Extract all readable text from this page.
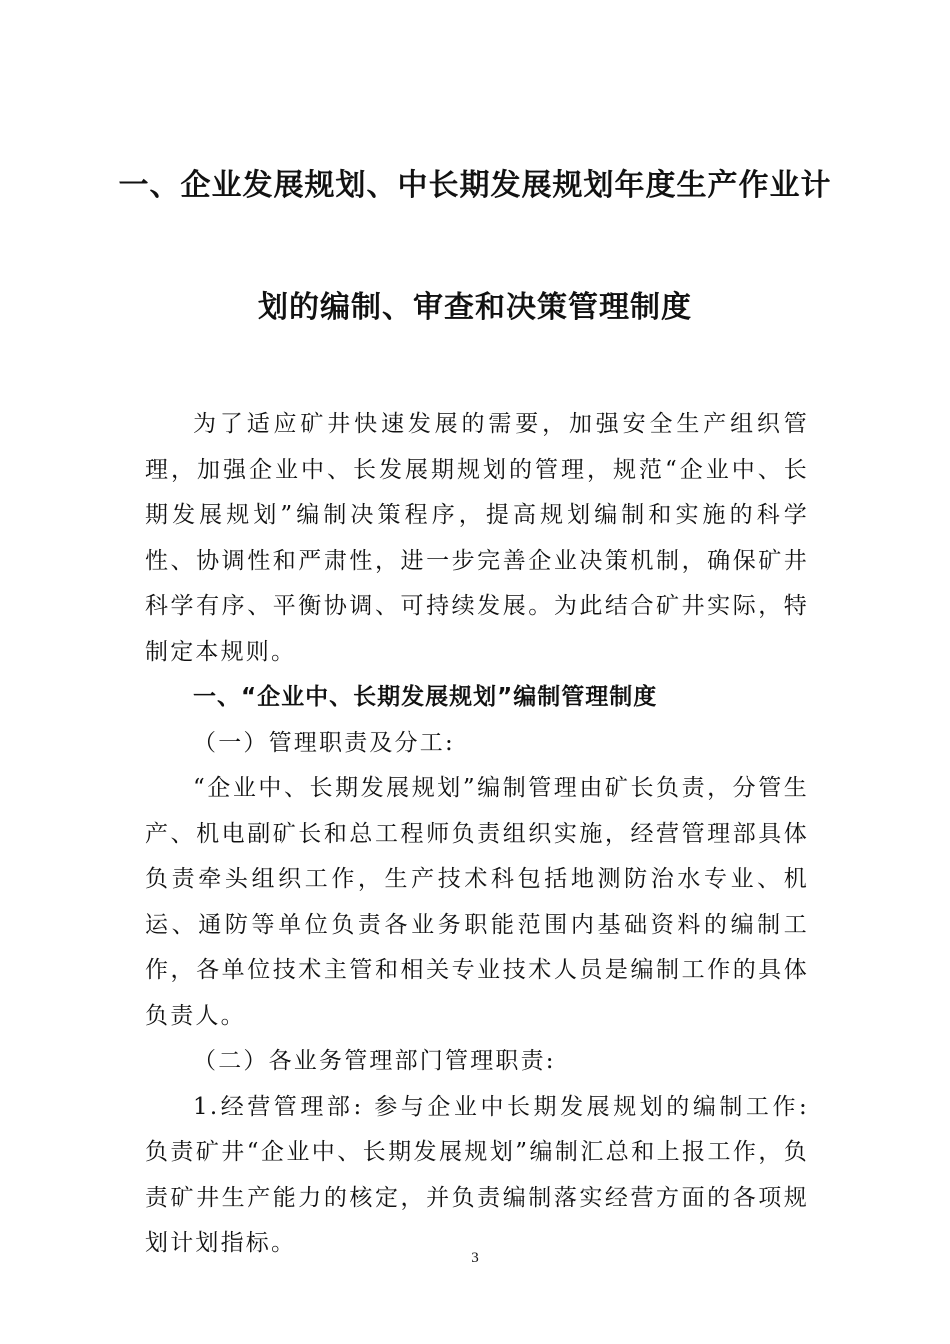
一、企业发展规划、中长期发展规划年度生产作业计
划的编制、审查和决策管理制度

为了适应矿井快速发展的需要，加强安全生产组织管理，加强企业中、长发展期规划的管理，规范“企业中、长期发展规划”编制决策程序，提高规划编制和实施的科学性、协调性和严肃性，进一步完善企业决策机制，确保矿井科学有序、平衡协调、可持续发展。为此结合矿井实际，特制定本规则。

一、“企业中、长期发展规划”编制管理制度

（一）管理职责及分工:

“企业中、长期发展规划”编制管理由矿长负责，分管生产、机电副矿长和总工程师负责组织实施，经营管理部具体负责牵头组织工作，生产技术科包括地测防治水专业、机运、通防等单位负责各业务职能范围内基础资料的编制工作，各单位技术主管和相关专业技术人员是编制工作的具体负责人。

（二）各业务管理部门管理职责:

1.经营管理部: 参与企业中长期发展规划的编制工作: 负责矿井“企业中、长期发展规划”编制汇总和上报工作，负责矿井生产能力的核定，并负责编制落实经营方面的各项规划计划指标。

3
